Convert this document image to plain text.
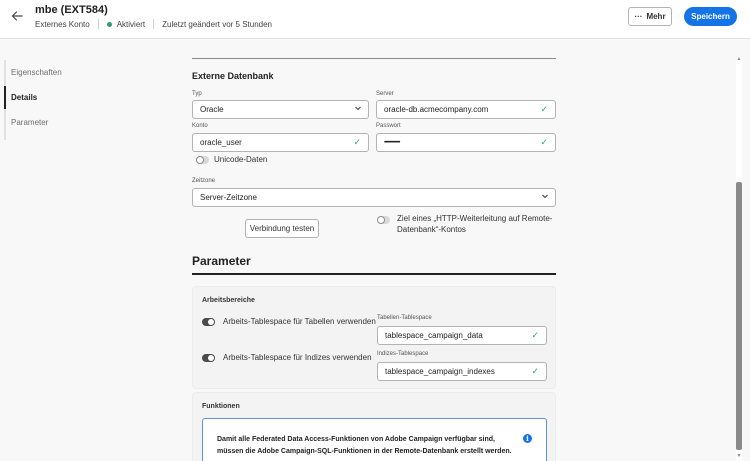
mbe (EXT584)
Externes Konto	Aktiviert Zuletzt geändert vor 5 Stunden
··· Mehr	Speichern
Eigenschaften
Details
Parameter
Externe Datenbank
Typ
Oracle
Server
oracle-db.acmecompany.com	✓
Konto
oracle_user	✓
Passwort
••••••••••••••	✓
Unicode-Daten
Zeitzone
Server-Zeitzone
Verbindung testen
Ziel eines „HTTP-Weiterleitung auf Remote-Datenbank“-Kontos
Parameter
Arbeitsbereiche
Arbeits-Tablespace für Tabellen verwenden Tabellen-Tablespace
tablespace_campaign_data	✓
Arbeits-Tablespace für Indizes verwenden Indizes-Tablespace
tablespace_campaign_indexes	✓
Funktionen
Damit alle Federated Data Access-Funktionen von Adobe Campaign verfügbar sind, müssen die Adobe Campaign-SQL-Funktionen in der Remote-Datenbank erstellt werden.
i
▲
▼
